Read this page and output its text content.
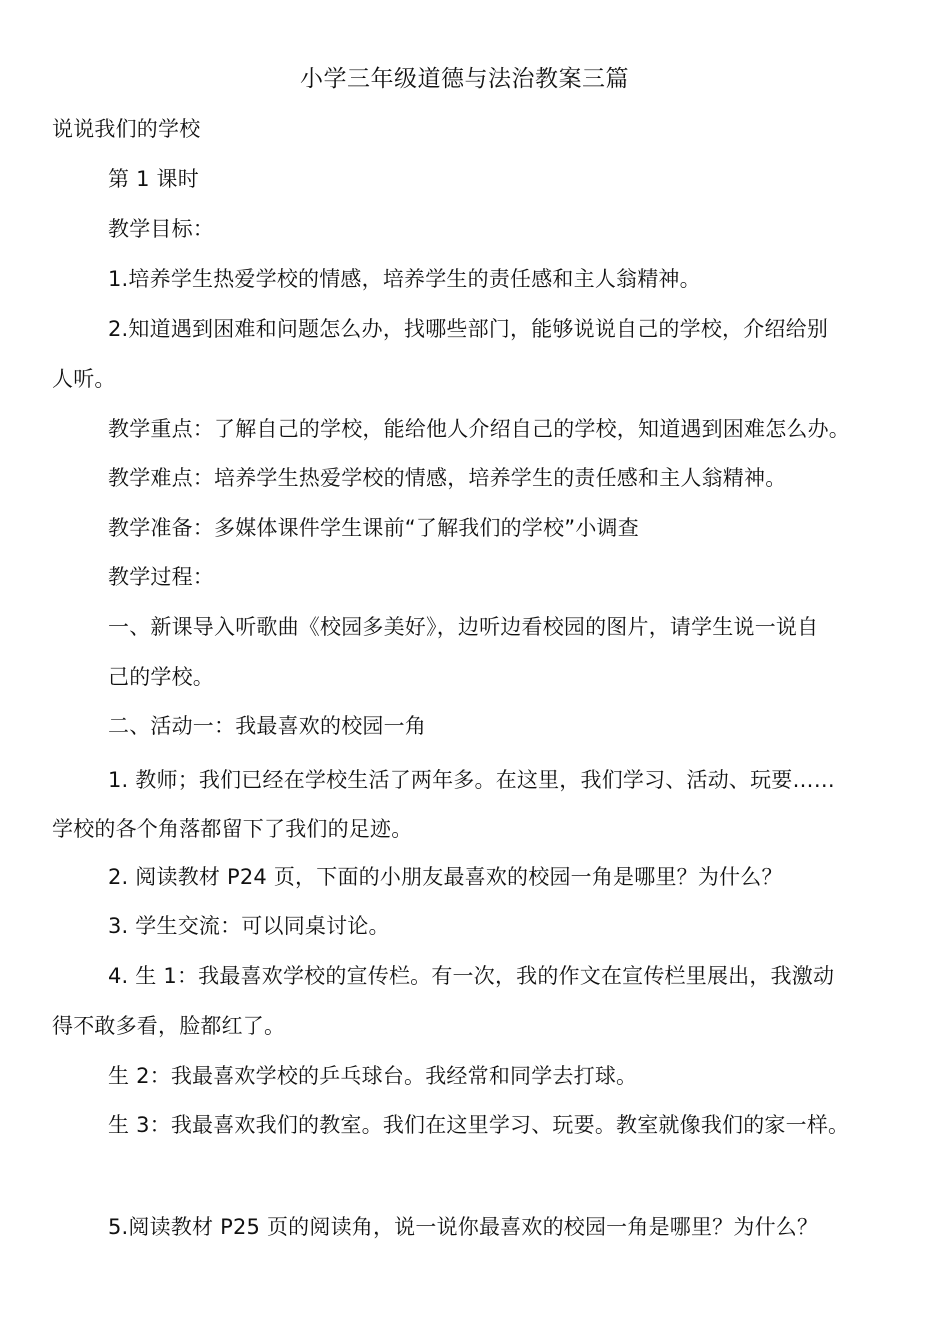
小学三年级道德与法治教案三篇
说说我们的学校
第 1 课时
教学目标：
1.培养学生热爱学校的情感，培养学生的责任感和主人翁精神。
2.知道遇到困难和问题怎么办，找哪些部门，能够说说自己的学校，介绍给别
人听。
教学重点：了解自己的学校，能给他人介绍自己的学校，知道遇到困难怎么办。
教学难点：培养学生热爱学校的情感，培养学生的责任感和主人翁精神。
教学准备：多媒体课件学生课前“了解我们的学校”小调查
教学过程：
一、新课导入听歌曲《校园多美好》，边听边看校园的图片，请学生说一说自
己的学校。
二、活动一：我最喜欢的校园一角
1. 教师；我们已经在学校生活了两年多。在这里，我们学习、活动、玩要……
学校的各个角落都留下了我们的足迹。
2. 阅读教材 P24 页，下面的小朋友最喜欢的校园一角是哪里？为什么？
3. 学生交流：可以同桌讨论。
4. 生 1：我最喜欢学校的宣传栏。有一次，我的作文在宣传栏里展出，我激动
得不敢多看，脸都红了。
生 2：我最喜欢学校的乒乓球台。我经常和同学去打球。
生 3：我最喜欢我们的教室。我们在这里学习、玩要。教室就像我们的家一样。
5.阅读教材 P25 页的阅读角，说一说你最喜欢的校园一角是哪里？为什么？
